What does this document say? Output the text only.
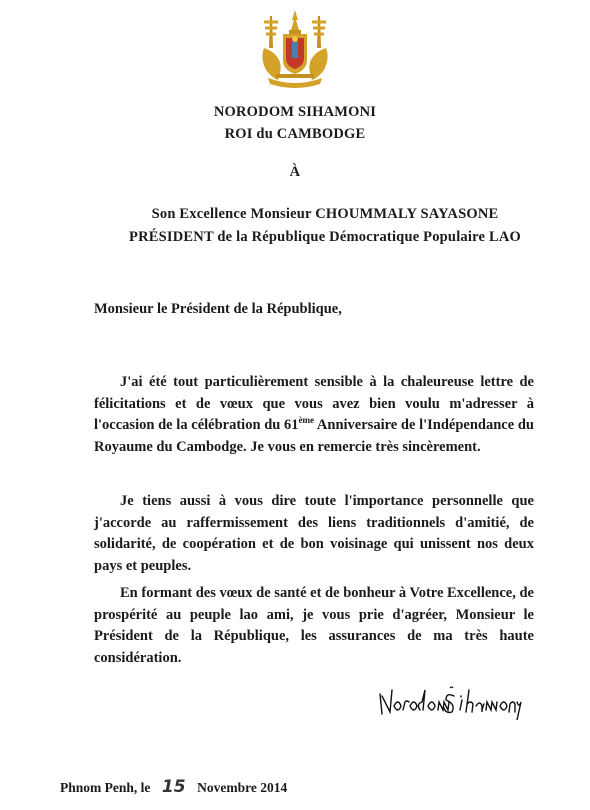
NORODOM SIHAMONI
ROI du CAMBODGE
À
Son Excellence Monsieur CHOUMMALY SAYASONE
PRÉSIDENT de la République Démocratique Populaire LAO
Monsieur le Président de la République,
J'ai été tout particulièrement sensible à la chaleureuse lettre de félicitations et de vœux que vous avez bien voulu m'adresser à l'occasion de la célébration du 61ème Anniversaire de l'Indépendance du Royaume du Cambodge. Je vous en remercie très sincèrement.
Je tiens aussi à vous dire toute l'importance personnelle que j'accorde au raffermissement des liens traditionnels d'amitié, de solidarité, de coopération et de bon voisinage qui unissent nos deux pays et peuples.
En formant des vœux de santé et de bonheur à Votre Excellence, de prospérité au peuple lao ami, je vous prie d'agréer, Monsieur le Président de la République, les assurances de ma très haute considération.
Phnom Penh, le 15 Novembre 2014
